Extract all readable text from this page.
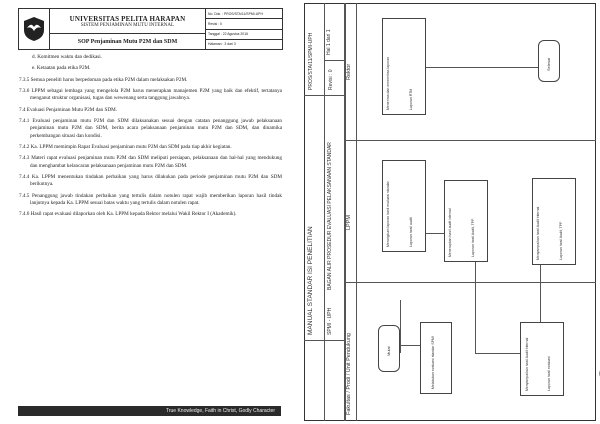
UNIVERSITAS PELITA HARAPAN
SISTEM PENJAMINAN MUTU INTERNAL
SOP Penjaminan Mutu P2M dan SDM
No. Dok. : PROS/STA/11/SPMI-UPH
Revisi : 0
Tanggal : 22 Agustus 2016
Halaman : 3 dari 3

d. Komitmen waktu dan dedikasi.

e. Ketaatan pada etika P2M.

7.3.5 Semua peneliti harus berpedoman pada etika P2M dalam melaksakan P2M.

7.3.6 LPPM sebagai lembaga yang mengelola P2M harus menerapkan manajemen P2M yang baik dan efektif, tertatanya menganut struktur organisasi, tugas dan wewenang serta tanggung jawabnya.

7.4 Evaluasi Penjaminan Mutu P2M dan SDM.

7.4.1 Evaluasi penjaminan mutu P2M dan SDM dilaksanakan sesuai dengan catatan penanggung jawab pelaksanaan penjaminan mutu P2M dan SDM, berita acara pelaksanaan penjaminan mutu P2M dan SDM, dan dinamika perkembangan situasi dan kondisi.

7.4.2 Ka. LPPM memimpin Rapat Evaluasi penjaminan mutu P2M dan SDM pada tiap akhir kegiatan.

7.4.3 Materi rapat evaluasi penjaminan mutu P2M dan SDM meliputi persiapan, pelaksanaan dan hal-hal yang mendukung dan menghambat kelancaran pelaksanaan penjaminan mutu P2M dan SDM.

7.4.4 Ka. LPPM menentukan tindakan perbaikan yang harus dilakukan pada periode penjaminan mutu P2M dan SDM berikutnya.

7.4.5 Penanggung jawab tindakan perbaikan yang tertulis dalam notulen rapat wajib memberikan laporan hasil tindak lanjutnya kepada Ka. LPPM sesuai batas waktu yang tertulis dalam notulen rapat.

7.4.6 Hasil rapat evaluasi dilaporkan oleh Ka. LPPM kepada Rektor melalui Wakil Rektor I (Akademik).

True Knowledge, Faith in Christ, Godly Character
MANUAL STANDAR ISI PENELITIAN
PROS/STA/11/SPMI-UPH Hal 1 dari 1
SPMI - UPH
BAGAN ALIR PROSEDUR EVALUASI PELAKSANAAN STANDAR
Revisi : 0
Fakultas / Prodi / Unit Pendukung
LPPM
Rektor
Merangkum laporan hasil evaluasi standar	Laporan hasil audit	Menerapkan hasil audit internal	Laporan hasil Audit, TPP	Menyampaikan hasil Audit Internal	Laporan hasil Audit, TPP
Menerima dan memeriksa laporan	Laporan RTM
Selesai
Mulai	Melakukan evaluasi standar SPMI	Menyampaikan hasil Audit Internal	Laporan hasil evaluasi
